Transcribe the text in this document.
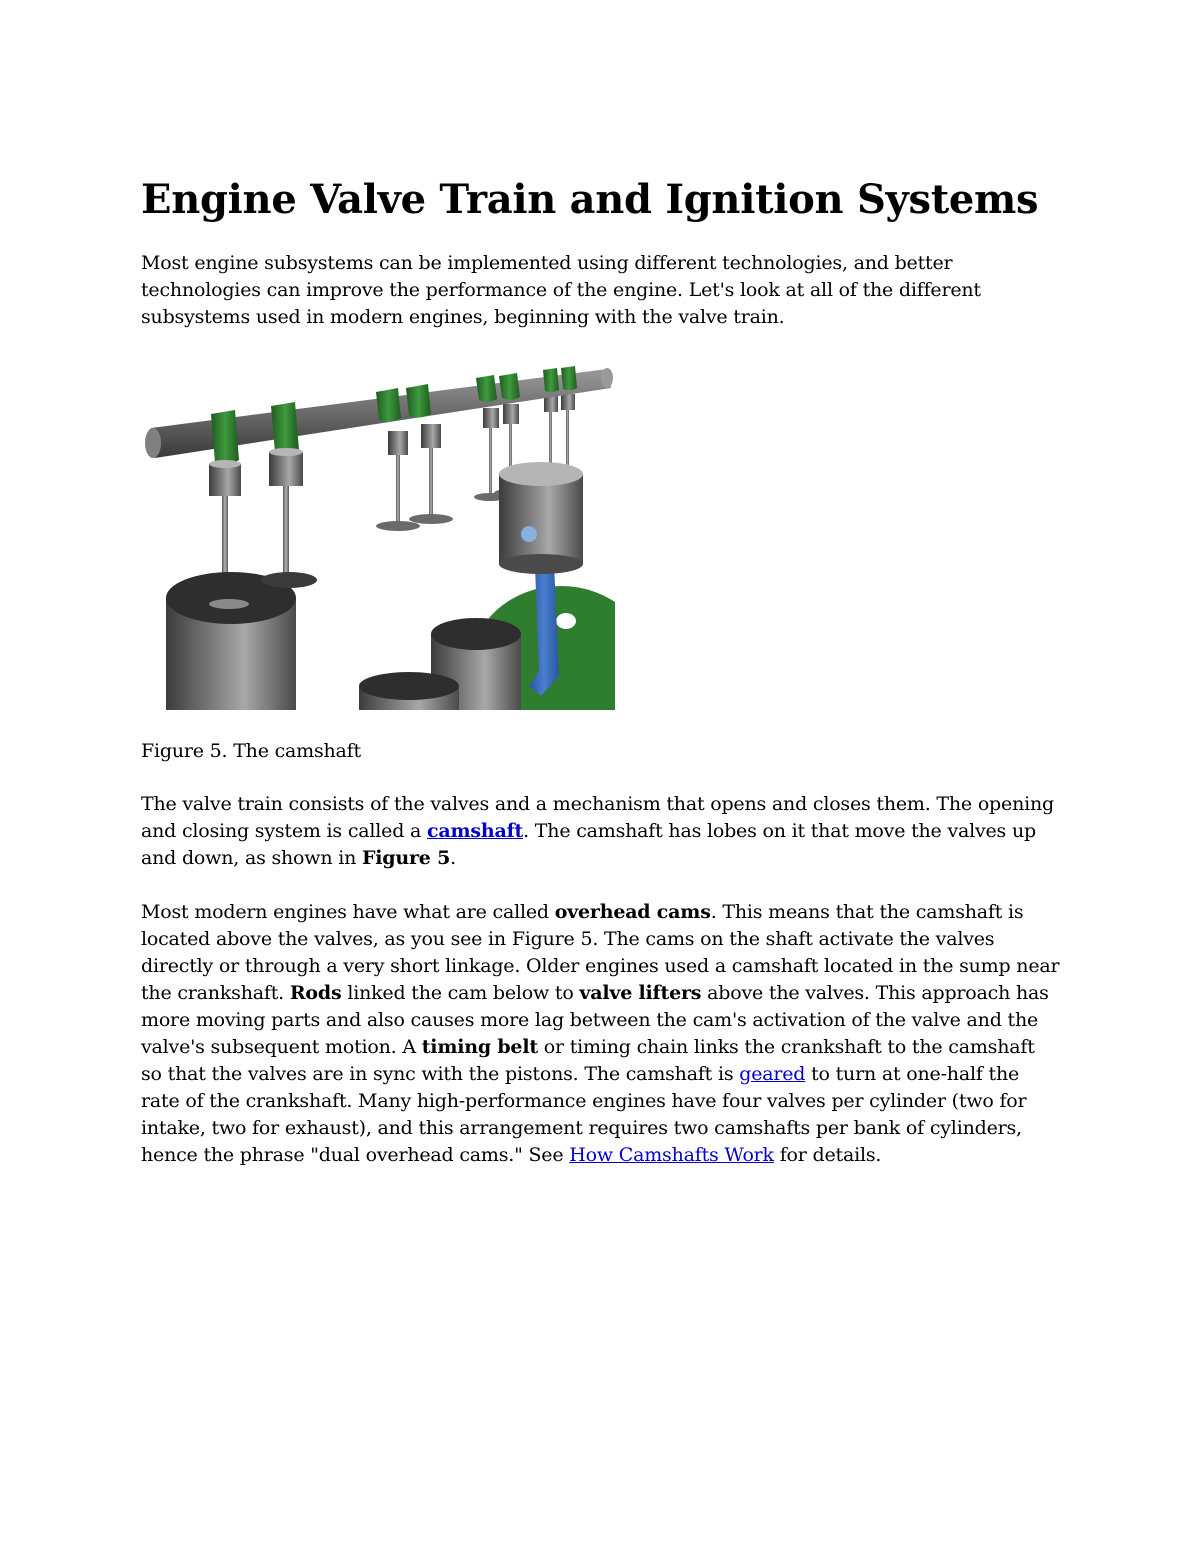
Engine Valve Train and Ignition Systems

Most engine subsystems can be implemented using different technologies, and better technologies can improve the performance of the engine. Let's look at all of the different subsystems used in modern engines, beginning with the valve train.

Figure 5. The camshaft

The valve train consists of the valves and a mechanism that opens and closes them. The opening and closing system is called a camshaft. The camshaft has lobes on it that move the valves up and down, as shown in Figure 5.

Most modern engines have what are called overhead cams. This means that the camshaft is located above the valves, as you see in Figure 5. The cams on the shaft activate the valves directly or through a very short linkage. Older engines used a camshaft located in the sump near the crankshaft. Rods linked the cam below to valve lifters above the valves. This approach has more moving parts and also causes more lag between the cam's activation of the valve and the valve's subsequent motion. A timing belt or timing chain links the crankshaft to the camshaft so that the valves are in sync with the pistons. The camshaft is geared to turn at one-half the rate of the crankshaft. Many high-performance engines have four valves per cylinder (two for intake, two for exhaust), and this arrangement requires two camshafts per bank of cylinders, hence the phrase "dual overhead cams." See How Camshafts Work for details.
